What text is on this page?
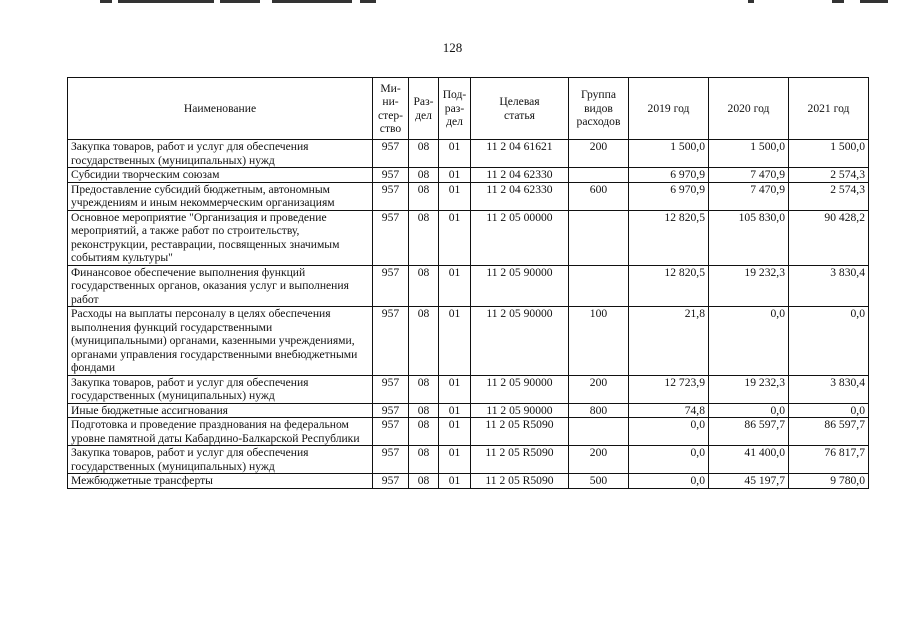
128
Наименование	Ми-
ни-
стер-
ство	Раз-
дел	Под-
раз-
дел	Целевая
статья	Группа
видов
расходов	2019 год	2020 год	2021 год
Закупка товаров, работ и услуг для обеспечения государственных (муниципальных) нужд	957	08	01	11 2 04 61621	200	1 500,0	1 500,0	1 500,0
Субсидии творческим союзам	957	08	01	11 2 04 62330		6 970,9	7 470,9	2 574,3
Предоставление субсидий бюджетным, автономным учреждениям и иным некоммерческим организациям	957	08	01	11 2 04 62330	600	6 970,9	7 470,9	2 574,3
Основное мероприятие "Организация и проведение мероприятий, а также работ по строительству, реконструкции, реставрации, посвященных значимым событиям культуры"	957	08	01	11 2 05 00000		12 820,5	105 830,0	90 428,2
Финансовое обеспечение выполнения функций государственных органов, оказания услуг и выполнения работ	957	08	01	11 2 05 90000		12 820,5	19 232,3	3 830,4
Расходы на выплаты персоналу в целях обеспечения выполнения функций государственными (муниципальными) органами, казенными учреждениями, органами управления государственными внебюджетными фондами	957	08	01	11 2 05 90000	100	21,8	0,0	0,0
Закупка товаров, работ и услуг для обеспечения государственных (муниципальных) нужд	957	08	01	11 2 05 90000	200	12 723,9	19 232,3	3 830,4
Иные бюджетные ассигнования	957	08	01	11 2 05 90000	800	74,8	0,0	0,0
Подготовка и проведение празднования на федеральном уровне памятной даты Кабардино-Балкарской Республики	957	08	01	11 2 05 R5090		0,0	86 597,7	86 597,7
Закупка товаров, работ и услуг для обеспечения государственных (муниципальных) нужд	957	08	01	11 2 05 R5090	200	0,0	41 400,0	76 817,7
Межбюджетные трансферты	957	08	01	11 2 05 R5090	500	0,0	45 197,7	9 780,0
